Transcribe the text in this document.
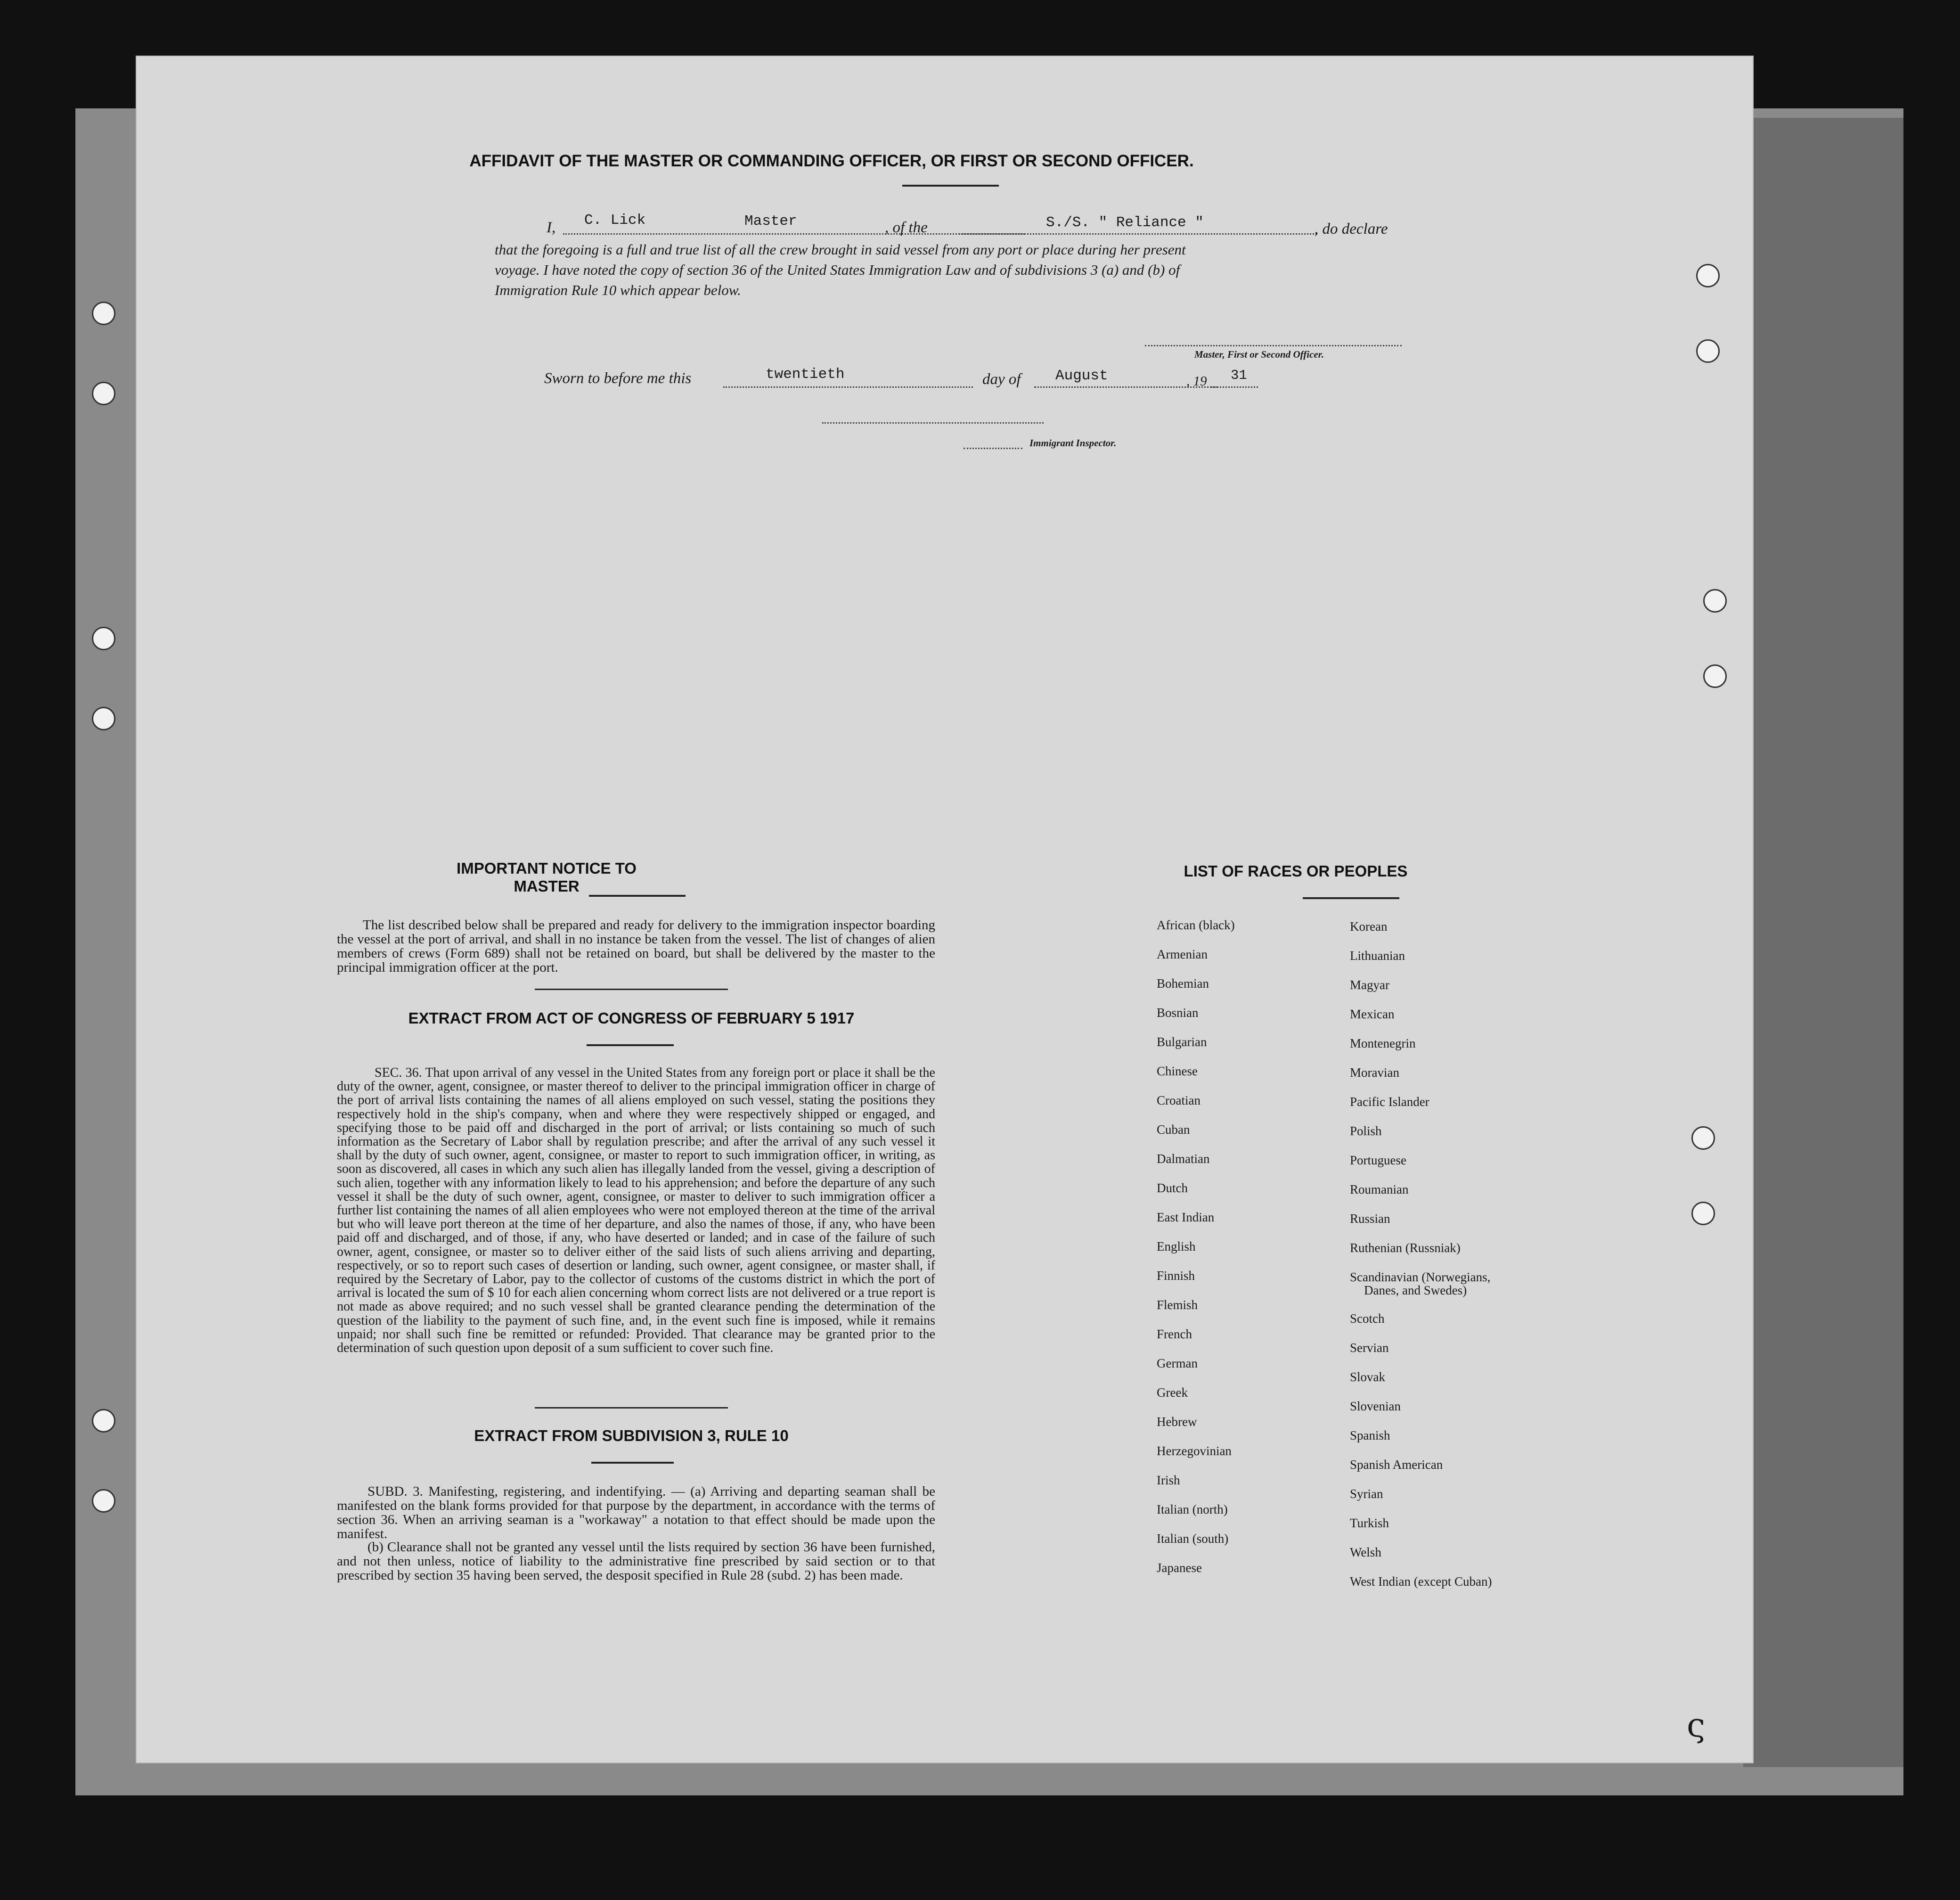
AFFIDAVIT OF THE MASTER OR COMMANDING OFFICER, OR FIRST OR SECOND OFFICER.
I, C. Lick	Master	, of the	S./S. " Reliance "	, do declare
that the foregoing is a full and true list of all the crew brought in said vessel from any port or place during her present
voyage. I have noted the copy of section 36 of the United States Immigration Law and of subdivisions 3 (a) and (b) of
Immigration Rule 10 which appear below.
Master, First or Second Officer.
Sworn to before me this	twentieth	day of August	, 19 31
Immigrant Inspector.
IMPORTANT NOTICE TO MASTER
The list described below shall be prepared and ready for delivery to the immigration inspector boarding the vessel at the port of arrival, and shall in no instance be taken from the vessel. The list of changes of alien members of crews (Form 689) shall not be retained on board, but shall be delivered by the master to the principal immigration officer at the port.
EXTRACT FROM ACT OF CONGRESS OF FEBRUARY 5 1917
SEC. 36. That upon arrival of any vessel in the United States from any foreign port or place it shall be the duty of the owner, agent, consignee, or master thereof to deliver to the principal immigration officer in charge of the port of arrival lists containing the names of all aliens employed on such vessel, stating the positions they respectively hold in the ship's company, when and where they were respectively shipped or engaged, and specifying those to be paid off and discharged in the port of arrival; or lists containing so much of such information as the Secretary of Labor shall by regulation prescribe; and after the arrival of any such vessel it shall by the duty of such owner, agent, consignee, or master to report to such immigration officer, in writing, as soon as discovered, all cases in which any such alien has illegally landed from the vessel, giving a description of such alien, together with any information likely to lead to his apprehension; and before the departure of any such vessel it shall be the duty of such owner, agent, consignee, or master to deliver to such immigration officer a further list containing the names of all alien employees who were not employed thereon at the time of the arrival but who will leave port thereon at the time of her departure, and also the names of those, if any, who have been paid off and discharged, and of those, if any, who have deserted or landed; and in case of the failure of such owner, agent, consignee, or master so to deliver either of the said lists of such aliens arriving and departing, respectively, or so to report such cases of desertion or landing, such owner, agent consignee, or master shall, if required by the Secretary of Labor, pay to the collector of customs of the customs district in which the port of arrival is located the sum of $ 10 for each alien concerning whom correct lists are not delivered or a true report is not made as above required; and no such vessel shall be granted clearance pending the determination of the question of the liability to the payment of such fine, and, in the event such fine is imposed, while it remains unpaid; nor shall such fine be remitted or refunded: Provided. That clearance may be granted prior to the determination of such question upon deposit of a sum sufficient to cover such fine.
EXTRACT FROM SUBDIVISION 3, RULE 10
SUBD. 3. Manifesting, registering, and indentifying. — (a) Arriving and departing seaman shall be manifested on the blank forms provided for that purpose by the department, in accordance with the terms of section 36. When an arriving seaman is a "workaway" a notation to that effect should be made upon the manifest.
(b) Clearance shall not be granted any vessel until the lists required by section 36 have been furnished, and not then unless, notice of liability to the administrative fine prescribed by said section or to that prescribed by section 35 having been served, the desposit specified in Rule 28 (subd. 2) has been made.
LIST OF RACES OR PEOPLES
ς
African (black)
Armenian
Bohemian
Bosnian
Bulgarian
Chinese
Croatian
Cuban
Dalmatian
Dutch
East Indian
English
Finnish
Flemish
French
German
Greek
Hebrew
Herzegovinian
Irish
Italian (north)
Italian (south)
Japanese
Korean
Lithuanian
Magyar
Mexican
Montenegrin
Moravian
Pacific Islander
Polish
Portuguese
Roumanian
Russian
Ruthenian (Russniak)
Scandinavian (Norwegians,
Danes, and Swedes)
Scotch
Servian
Slovak
Slovenian
Spanish
Spanish American
Syrian
Turkish
Welsh
West Indian (except Cuban)
